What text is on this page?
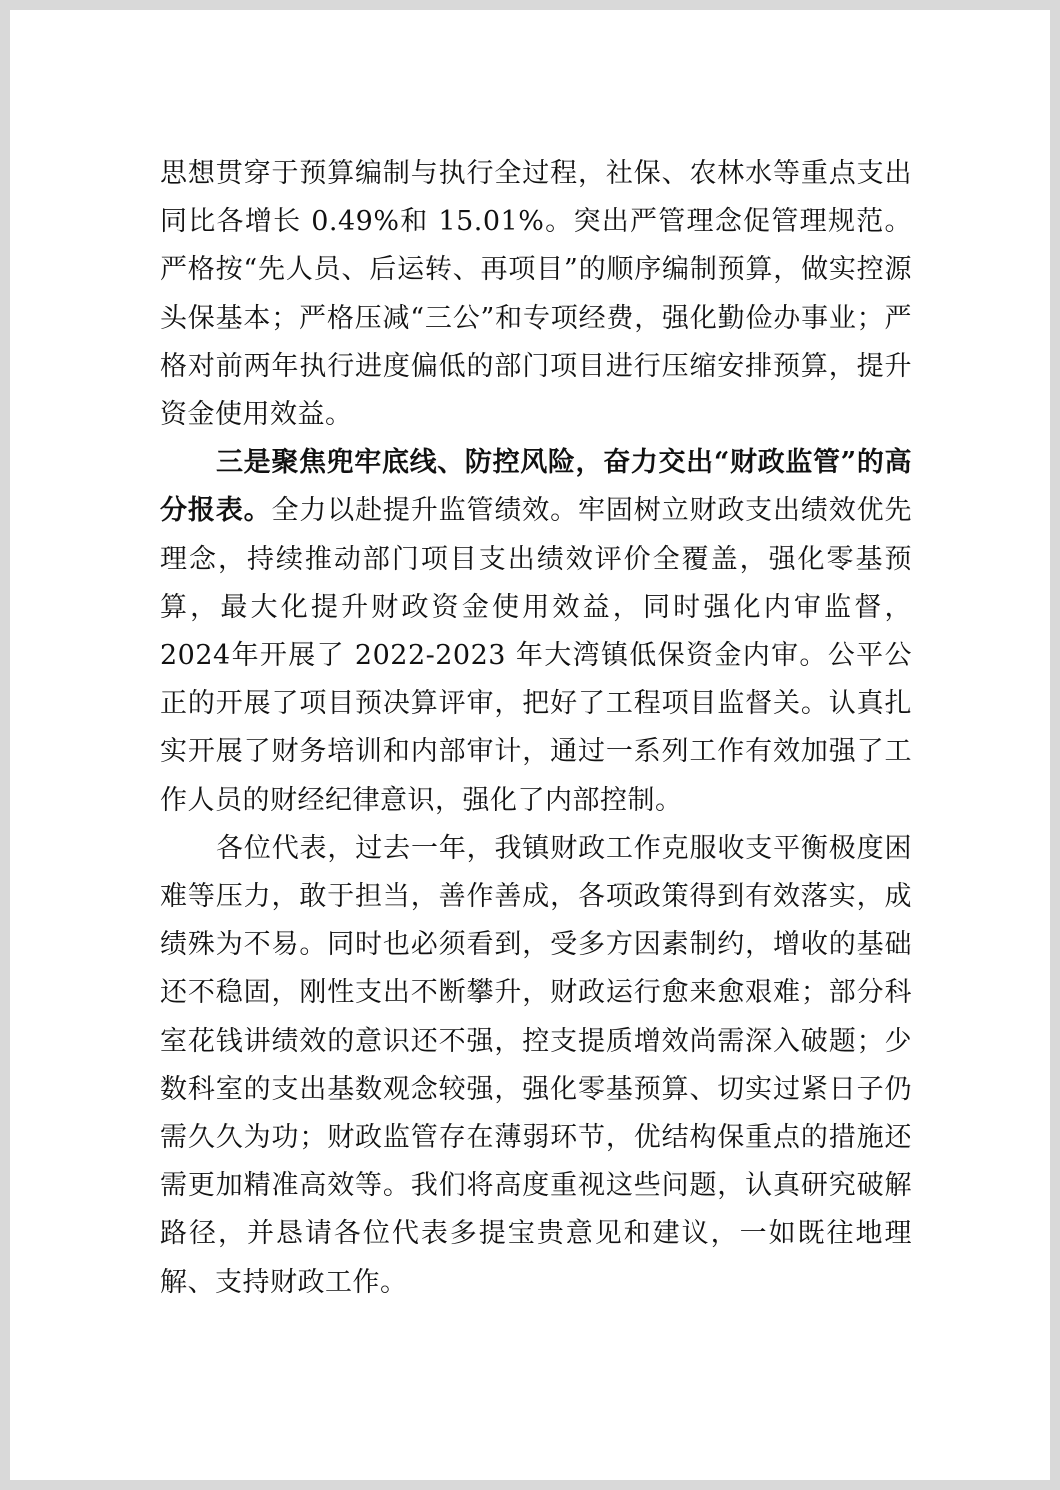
思想贯穿于预算编制与执行全过程，社保、农林水等重点支出同比各增长 0.49%和 15.01%。突出严管理念促管理规范。严格按“先人员、后运转、再项目”的顺序编制预算，做实控源头保基本；严格压减“三公”和专项经费，强化勤俭办事业；严格对前两年执行进度偏低的部门项目进行压缩安排预算，提升资金使用效益。

三是聚焦兜牢底线、防控风险，奋力交出“财政监管”的高分报表。全力以赴提升监管绩效。牢固树立财政支出绩效优先理念，持续推动部门项目支出绩效评价全覆盖，强化零基预算，最大化提升财政资金使用效益，同时强化内审监督，2024年开展了 2022-2023 年大湾镇低保资金内审。公平公正的开展了项目预决算评审，把好了工程项目监督关。认真扎实开展了财务培训和内部审计，通过一系列工作有效加强了工作人员的财经纪律意识，强化了内部控制。

各位代表，过去一年，我镇财政工作克服收支平衡极度困难等压力，敢于担当，善作善成，各项政策得到有效落实，成绩殊为不易。同时也必须看到，受多方因素制约，增收的基础还不稳固，刚性支出不断攀升，财政运行愈来愈艰难；部分科室花钱讲绩效的意识还不强，控支提质增效尚需深入破题；少数科室的支出基数观念较强，强化零基预算、切实过紧日子仍需久久为功；财政监管存在薄弱环节，优结构保重点的措施还需更加精准高效等。我们将高度重视这些问题，认真研究破解路径，并恳请各位代表多提宝贵意见和建议，一如既往地理解、支持财政工作。
